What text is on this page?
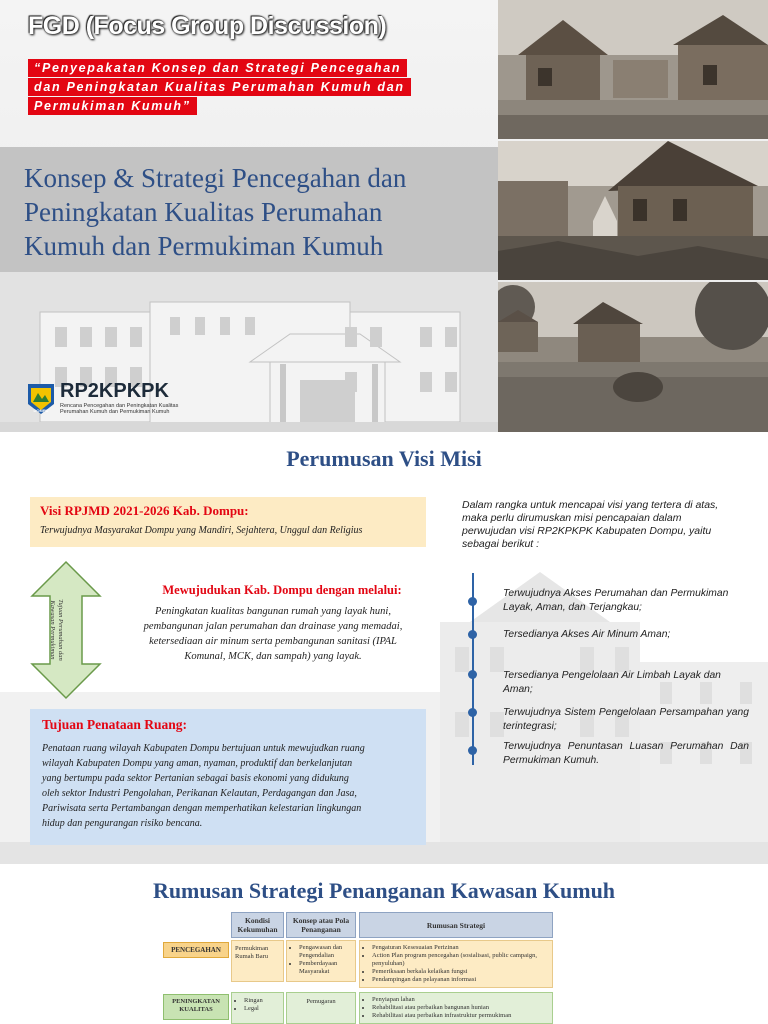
FGD (Focus Group Discussion)
“Penyepakatan Konsep dan Strategi Pencegahan
dan Peningkatan Kualitas Perumahan Kumuh dan
Permukiman Kumuh”
Konsep & Strategi Pencegahan dan
Peningkatan Kualitas Perumahan
Kumuh dan Permukiman Kumuh
DOMPU
RP2KPKPK
Rencana Pencegahan dan Peningkatan Kualitas
Perumahan Kumuh dan Permukiman Kumuh
Perumusan Visi Misi
Visi RPJMD 2021-2026 Kab. Dompu:
Terwujudnya Masyarakat Dompu yang Mandiri, Sejahtera, Unggul dan Religius
Tujuan Perumahan dan
Kawasan Permukiman
Mewujudukan Kab. Dompu dengan melalui:
Peningkatan kualitas bangunan rumah yang layak huni,
pembangunan jalan perumahan dan drainase yang memadai,
ketersediaan air minum serta pembangunan sanitasi (IPAL
Komunal, MCK, dan sampah) yang layak.
Tujuan Penataan Ruang:
Penataan ruang wilayah Kabupaten Dompu bertujuan untuk mewujudkan ruang
wilayah Kabupaten Dompu yang aman, nyaman, produktif dan berkelanjutan
yang bertumpu pada sektor Pertanian sebagai basis ekonomi yang didukung
oleh sektor Industri Pengolahan, Perikanan Kelautan, Perdagangan dan Jasa,
Pariwisata serta Pertambangan dengan memperhatikan kelestarian lingkungan
hidup dan pengurangan risiko bencana.
Dalam rangka untuk mencapai visi yang tertera di atas,
maka perlu dirumuskan misi pencapaian dalam
perwujudan visi RP2KPKPK Kabupaten Dompu, yaitu
sebagai berikut :
Terwujudnya Akses Perumahan dan Permukiman Layak, Aman, dan Terjangkau;
Tersedianya Akses Air Minum Aman;
Tersedianya Pengelolaan Air Limbah Layak dan Aman;
Terwujudnya Sistem Pengelolaan Persampahan yang terintegrasi;
Terwujudnya Penuntasan Luasan Perumahan Dan Permukiman Kumuh.
Rumusan Strategi Penanganan Kawasan Kumuh
Kondisi Kekumuhan
Konsep atau Pola Penanganan	Rumusan Strategi
PENCEGAHAN	Permukiman Rumah Baru
• Pengawasan dan Pengendalian
• Pemberdayaan Masyarakat
• Pengaturan Kesesuaian Perizinan
• Action Plan program pencegahan (sosialisasi, public campaign, penyuluhan)
• Pemeriksaan berkala kelaikan fungsi
• Pendampingan dan pelayanan informasi
PENINGKATAN KUALITAS
• Ringan
• Legal
Pemugaran
•	Penyiapan lahan
• Rehabilitasi atau perbaikan bangunan hunian
• Rehabilitasi atau perbaikan infrastruktur permukiman
